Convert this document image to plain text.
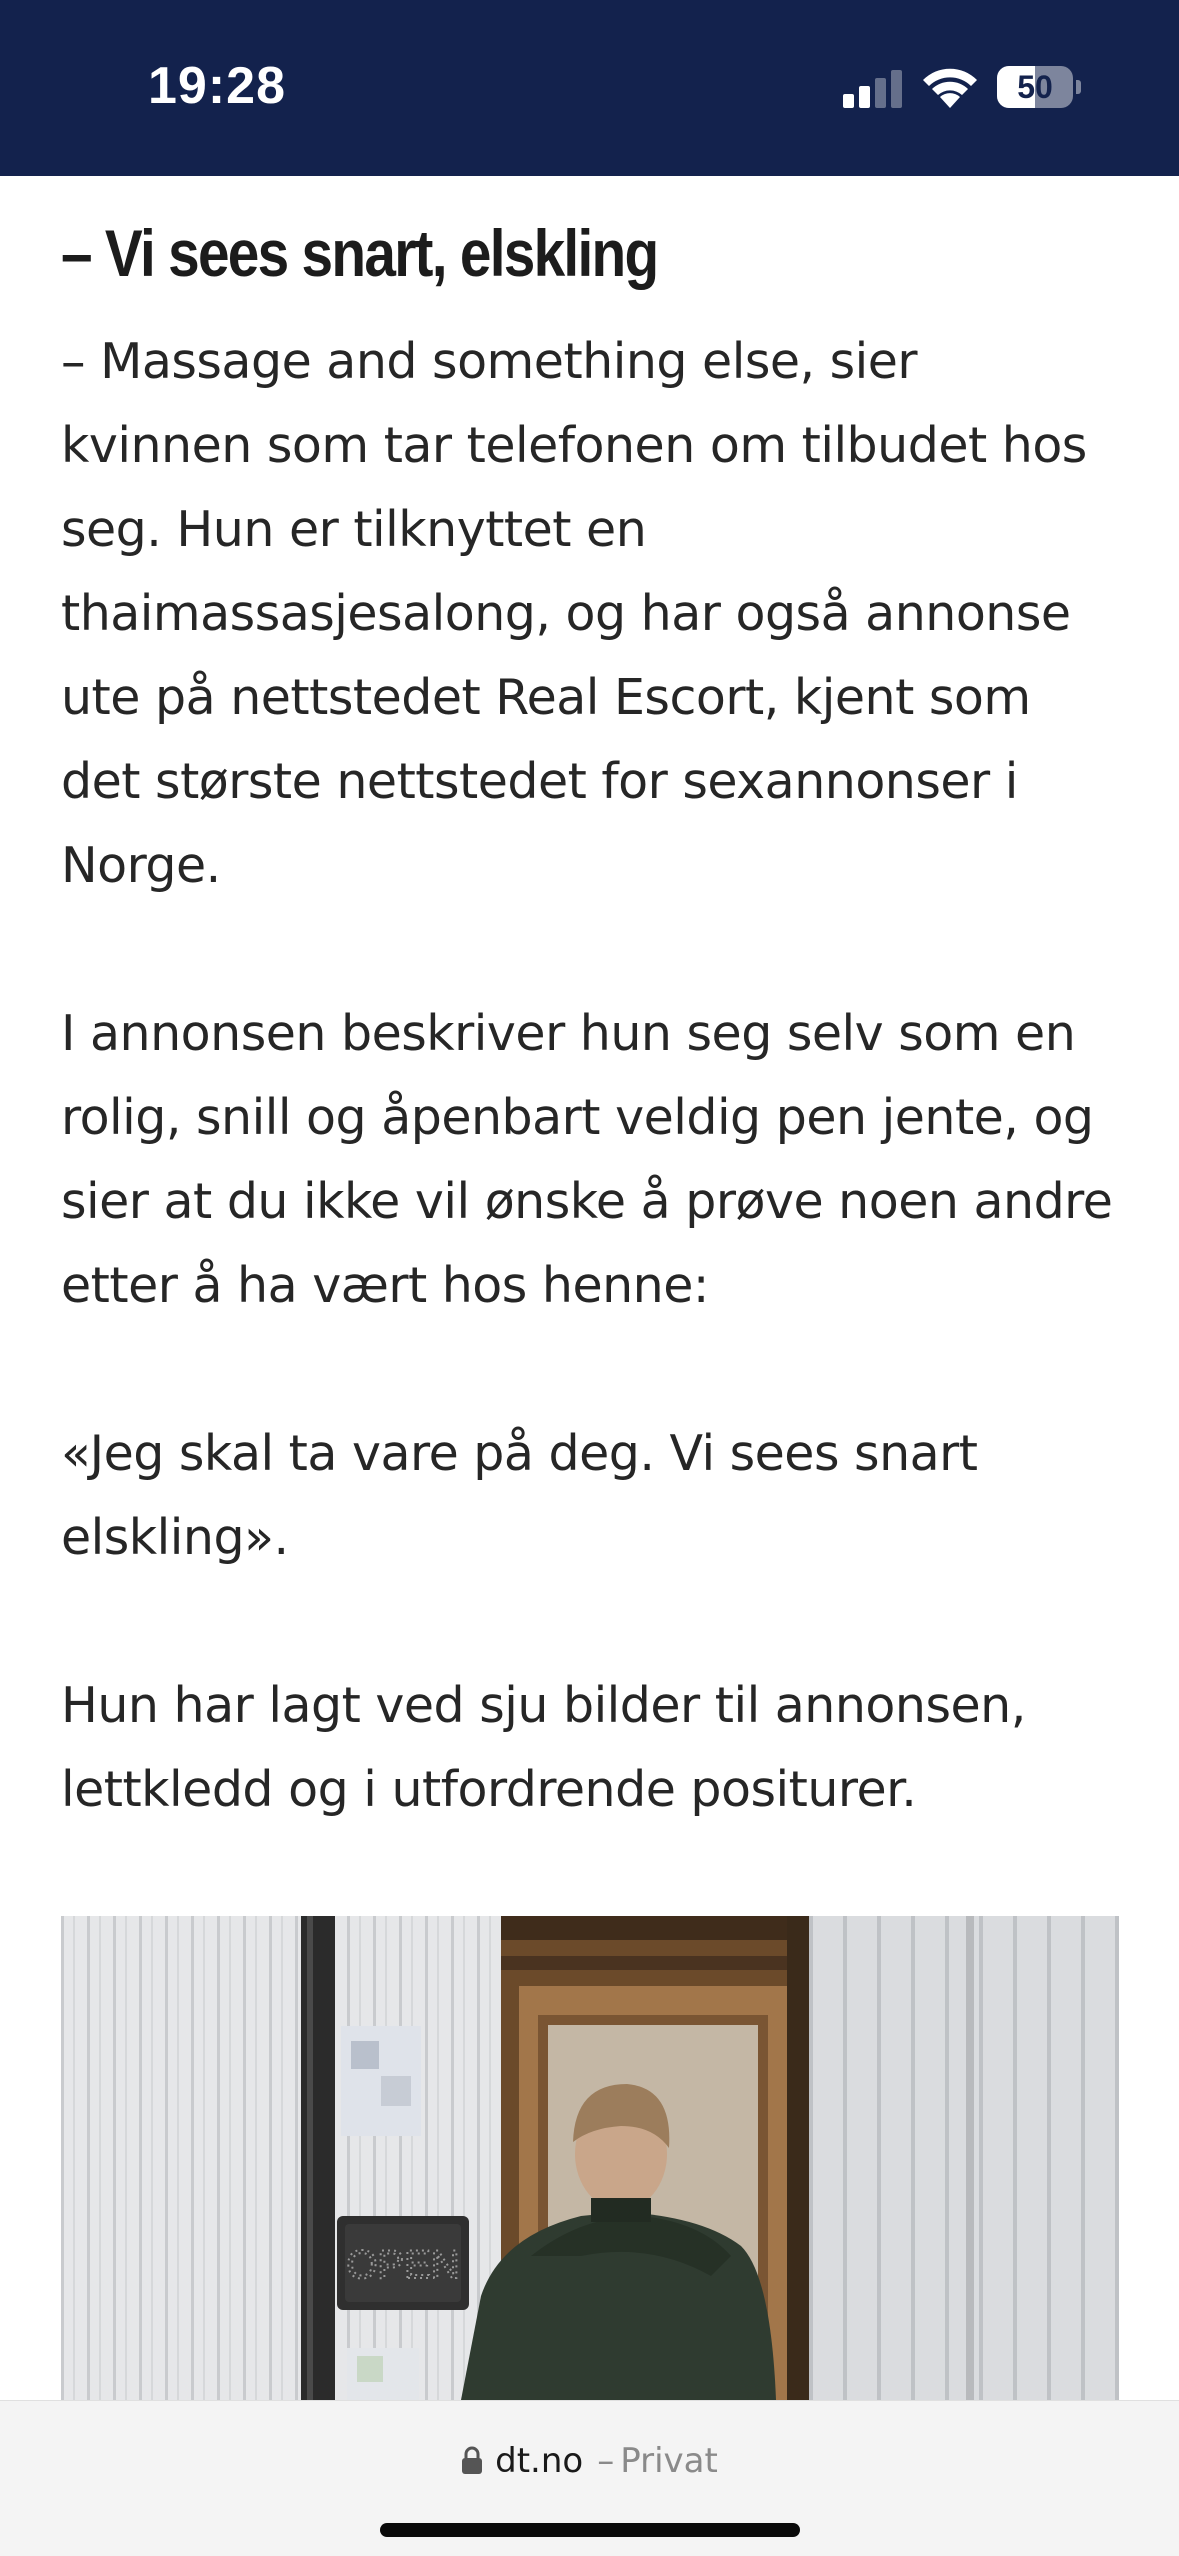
19:28	50
– Vi sees snart, elskling

– Massage and something else, sier kvinnen som tar telefonen om tilbudet hos seg. Hun er tilknyttet en thaimassasjesalong, og har også annonse ute på nettstedet Real Escort, kjent som det største nettstedet for sexannonser i Norge.

I annonsen beskriver hun seg selv som en rolig, snill og åpenbart veldig pen jente, og sier at du ikke vil ønske å prøve noen andre etter å ha vært hos henne:

«Jeg skal ta vare på deg. Vi sees snart elskling».

Hun har lagt ved sju bilder til annonsen, lettkledd og i utfordrende positurer.

OPEN
dt.no – Privat
